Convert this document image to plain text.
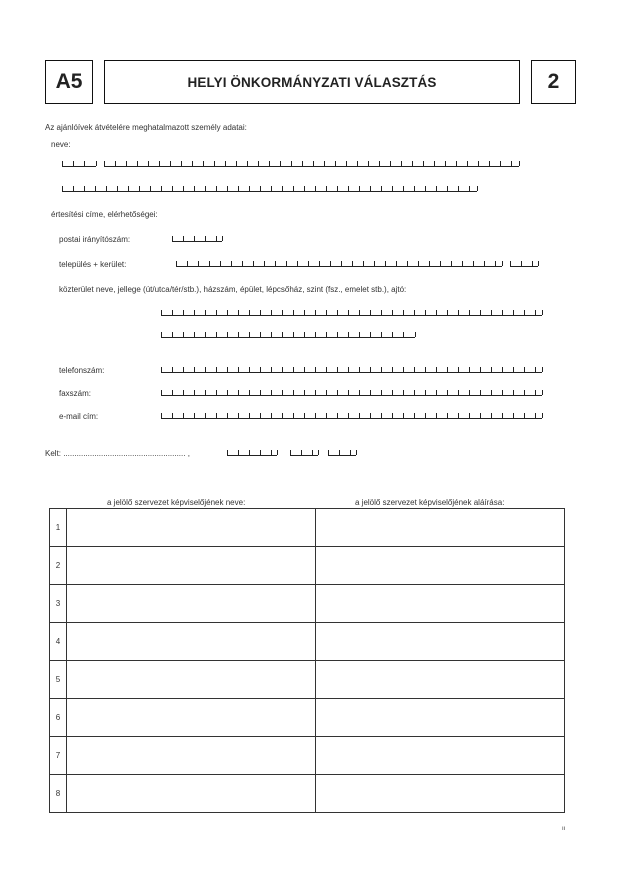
A5	HELYI ÖNKORMÁNYZATI VÁLASZTÁS	2
Az ajánlóívek átvételére meghatalmazott személy adatai:
neve:
értesítési címe, elérhetőségei:
postai irányítószám:
település + kerület:
közterület neve, jellege (út/utca/tér/stb.), házszám, épület, lépcsőház, szint (fsz., emelet stb.), ajtó:
telefonszám:
faxszám:
e-mail cím:
Kelt: ....................................................... ,
a jelölő szervezet képviselőjének neve:	a jelölő szervezet képviselőjének aláírása:
1		
2		
3		
4		
5		
6		
7		
8		
ıı
